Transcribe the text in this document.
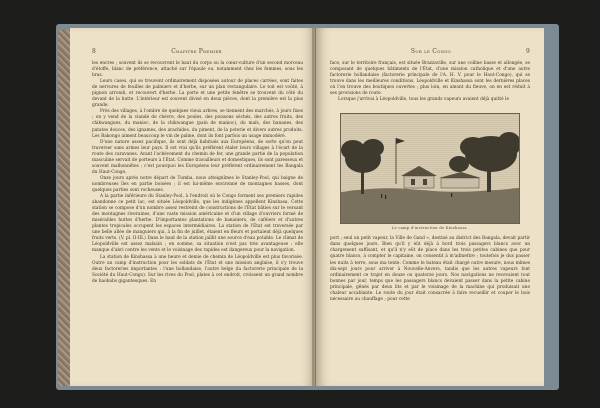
8	Chapitre Premier

les encres ; souvent ils se recouvrent le haut du corps ou la cœur-culture d'un second morceau d'étoffe, blanc de préférence, attaché sur l'épaule ou, notamment chez les femmes, sous les bras.

Leurs cases, qui se trouvent ordinairement disposées autour de places carrées, sont faites de nervures de feuilles de palmiers et d'herbe, sur un plan rectangulaire. Le toit est voûté, à pignon arrondi, et recouvert d'herbe. La porte et une petite fenêtre se trouvent du côté du devant de la hutte. L'intérieur est souvent divisé en deux pièces, dont la première est la plus grande.

Près des villages, à l'ombre de quelques vieux arbres, se tiennent des marchés, à jours fixes ; on y vend de la viande de chèvre, des poules, des poissons séchés, des autres fruits, des chikwangues, du manioc, de la chikwangue (pain de manioc), du maïs, des bananes, des patates douces, des ignames, des arachides, du piment, de la poterie et divers autres produits. Les Bakongo aiment beaucoup le vin de palme, dont ils font parfois un usage immodéré.

D'une nature assez pacifique, ils sont déjà habitués aux Européens, de sorte qu'on peut traverser sans armes leur pays. Il est vrai qu'ils préfèrent étaler leurs villages à l'écart de la route des caravanes. Avant l'achèvement du chemin de fer, une grande partie de la population masculine servait de porteurs à l'État. Comme travailleurs et domestiques, ils sont paresseux et souvent malhonnêtes ; c'est pourquoi les Européens leur préfèrent ordinairement les Bangala du Haut-Congo.

Onze jours après notre départ de Tumba, nous atteignîmes le Stanley-Pool, qui baigne de nombreuses îles en partie boisées ; il est lui-même environné de montagnes basses, dont quelques parties sont rocheuses.

A la partie inférieure du Stanley-Pool, à l'endroit où le Congo forment ses premiers rapides abandonne ce petit lac, est située Léopoldville, que les indigènes appellent Kinshasa. Cette station se compose d'un nombre assez restreint de constructions de l'État bâties sur le versant des montagnes riveraines, d'une vaste mission américaine et d'un village d'ouvriers formé de misérables huttes d'herbe. D'importantes plantations de bananiers, de caféiers et d'autres plantes tropicales occupent les espaces intermédiaires. La station de l'État est traversée par une belle allée de manguiers qui, à la fin de juillet, étaient en fleurs et portaient déjà quelques fruits verts. (V. pl. II-III.) Dans le haut de la station jaillit une source d'eau potable. Le climat de Léopoldville est assez malsain ; en somme, sa situation n'est pas très avantageuse : elle manque d'abri contre les vents et le voisinage des rapides est dangereux pour la navigation.

La station de Kinshassa à une heure et demie de chemin de Léopoldville est plus favorisée. Outre un camp d'instruction pour les soldats de l'État et une mission anglaise, il s'y trouve deux factoreries importantes : l'une hollandaise, l'autre belge (la factorerie principale de la Société du Haut-Congo). Sur les rives du Pool, plates à cet endroit, croissent un grand nombre de baobabs gigantesques. En

Sur le Congo	9

face, sur le territoire français, est située Brazzaville, sur une colline basse et allongée, se composant de quelques bâtiments de l'État, d'une mission catholique et d'une autre factorerie hollandaise (factorerie principale de l'A. H. V. pour le Haut-Congo), qui se trouve dans les meilleures conditions. Léopoldville et Kinshassa sont les dernières places où l'on trouve des boutiques ouvertes ; plus loin, en amont du fleuve, on en est réduit à ses provisions de route.

Lorsque j'arrivai à Léopoldville, tous les grands vapeurs avaient déjà quitté le

Le camp d'instruction de Kinshassa.

port ; seul un petit vapeur, la Ville de Gand », destiné au district des Bangala, devait partir dans quelques jours. Bien qu'il y eût déjà à bord trois passagers blancs avec un chargement suffisant, et qu'il n'y eût de place dans les trois petites cabines que pour quatre blancs, à compter le capitaine, on consentit à m'admettre ; toutefois je dus passer les nuits à terre, sous ma tente. Comme le bateau était chargé outre mesure, nous mîmes dix-sept jours pour arriver à Nouvelle-Anvers, tandis que les autres vapeurs font ordinairement ce trajet en douze ou quatorze jours. Nos navigations ne recevaient tout bonnes par jour, temps que les passagers blancs devaient passer dans la petite cabine principale, gênés par deux lits et par le voisinage de la machine qui produisait une chaleur accablante. Le route du jour était consacrée à faire recueillir et couper le bois nécessaire au chauffage ; pour cette
